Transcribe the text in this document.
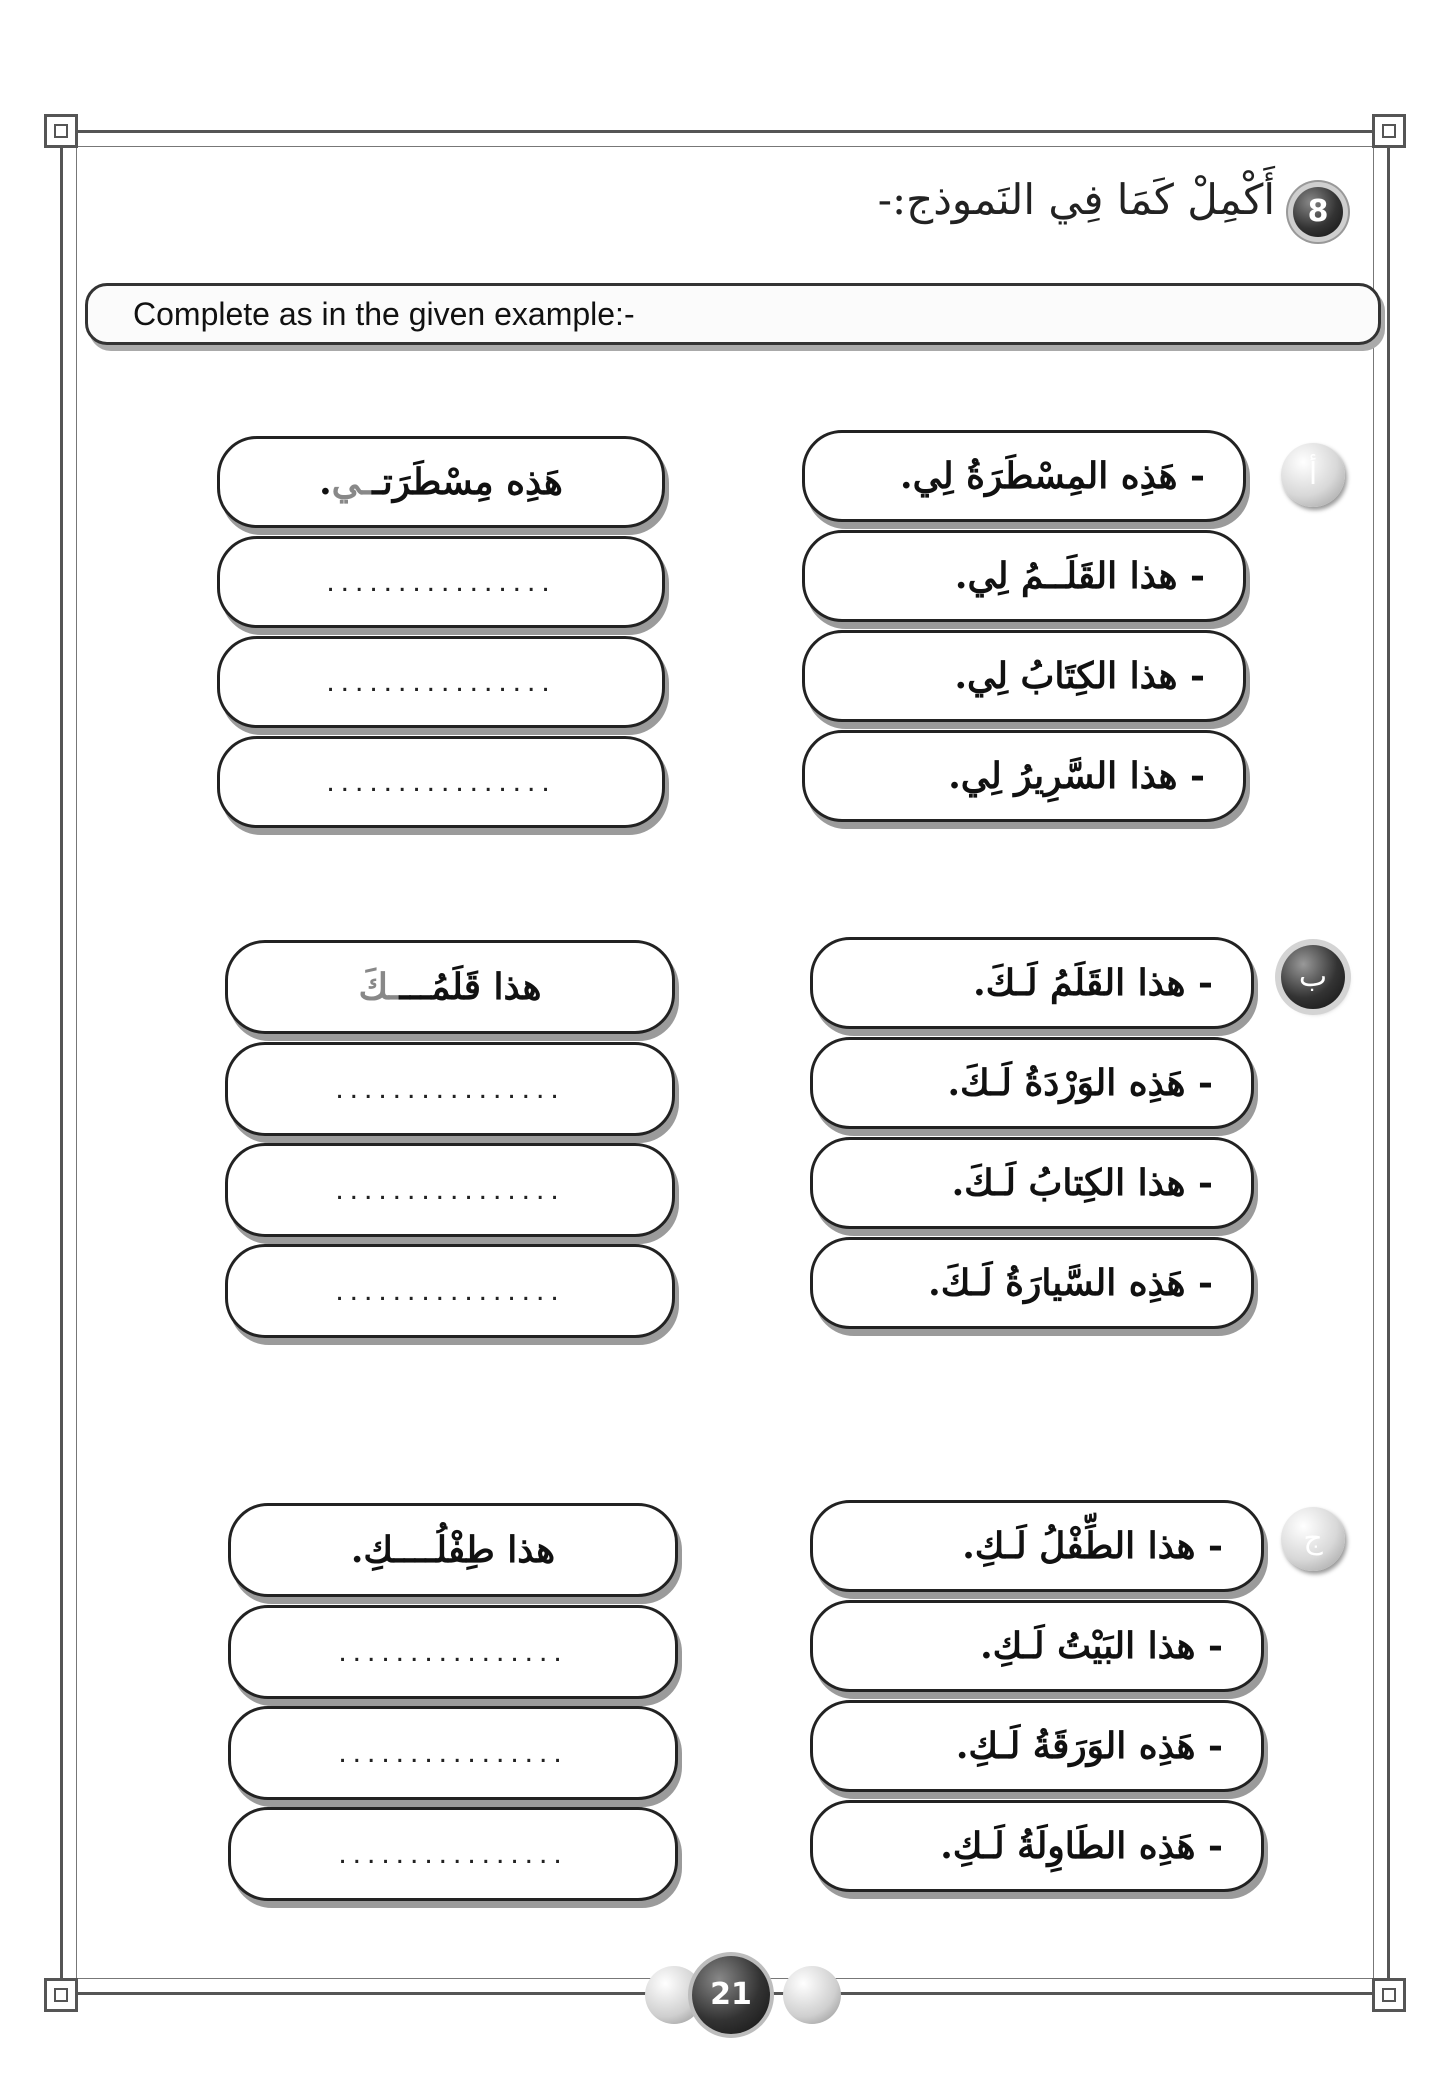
8
أَكْمِلْ كَمَا فِي النَموذج:-
Complete as in the given example:-
أ
- هَذِه المِسْطَرَةُ لِي.
- هذا القَلَــمُ لِي.
- هذا الكِتَابُ لِي.
- هذا السَّرِيرُ لِي.
هَذِه مِسْطَرَتــي.
................
................
................
ب
- هذا القَلَمُ لَـكَ.
- هَذِه الوَرْدَةُ لَـكَ.
- هذا الكِتابُ لَـكَ.
- هَذِه السَّيارَةُ لَـكَ.
هذا قَلَمُــــكَ
................
................
................
ج
- هذا الطِّفْلُ لَـكِ.
- هذا البَيْتُ لَـكِ.
- هَذِه الوَرَقَةُ لَـكِ.
- هَذِه الطَاوِلَةُ لَـكِ.
هذا طِفْلُــــكِ.
................
................
................
21
